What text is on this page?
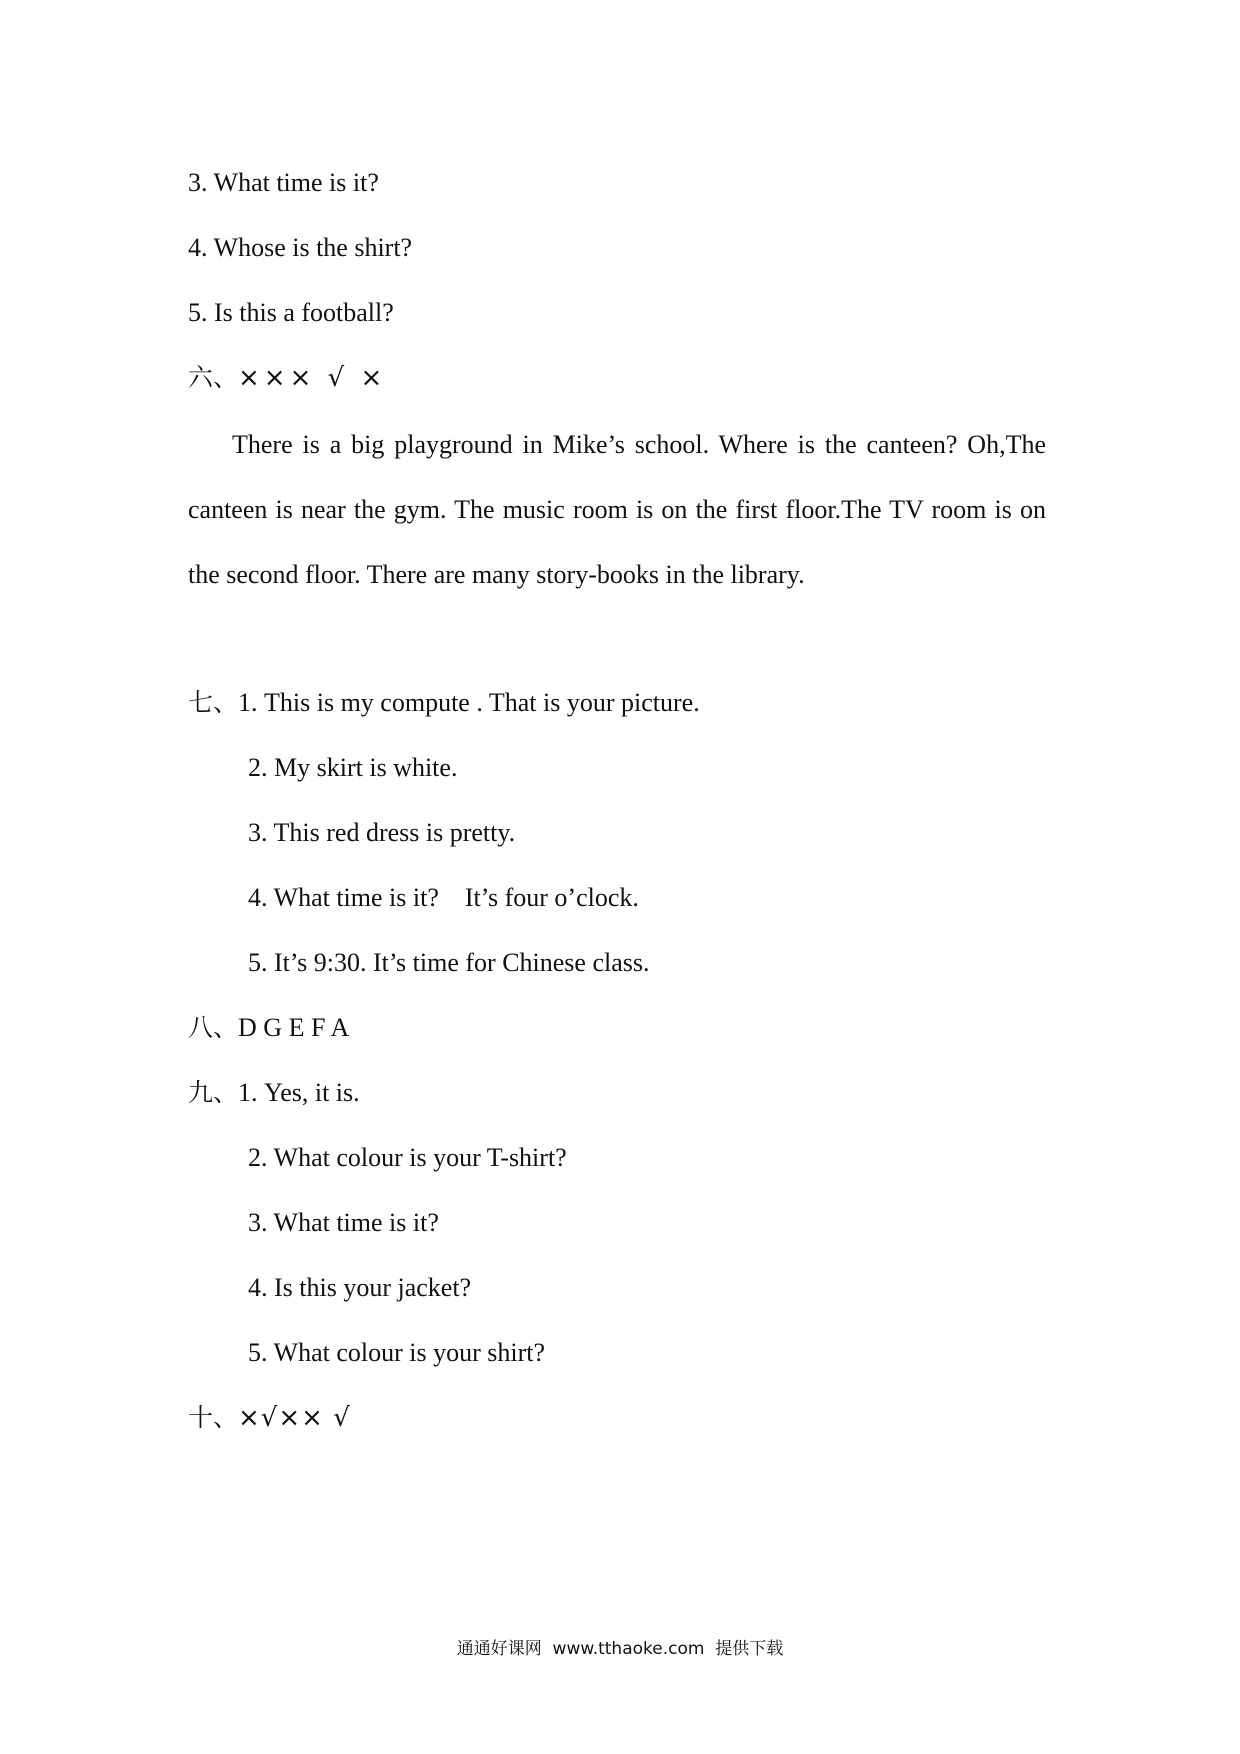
3. What time is it?
4. Whose is the shirt?
5. Is this a football?
六、××× √ ×
There is a big playground in Mike’s school. Where is the canteen? Oh,The canteen is near the gym. The music room is on the first floor.The TV room is on the second floor. There are many story-books in the library.
七、1. This is my compute . That is your picture.
2. My skirt is white.
3. This red dress is pretty.
4. What time is it?    It’s four o’clock.
5. It’s 9:30. It’s time for Chinese class.
八、D G E F A
九、1. Yes, it is.
2. What colour is your T-shirt?
3. What time is it?
4. Is this your jacket?
5. What colour is your shirt?
十、×√×× √
通通好课网  www.tthaoke.com  提供下载
